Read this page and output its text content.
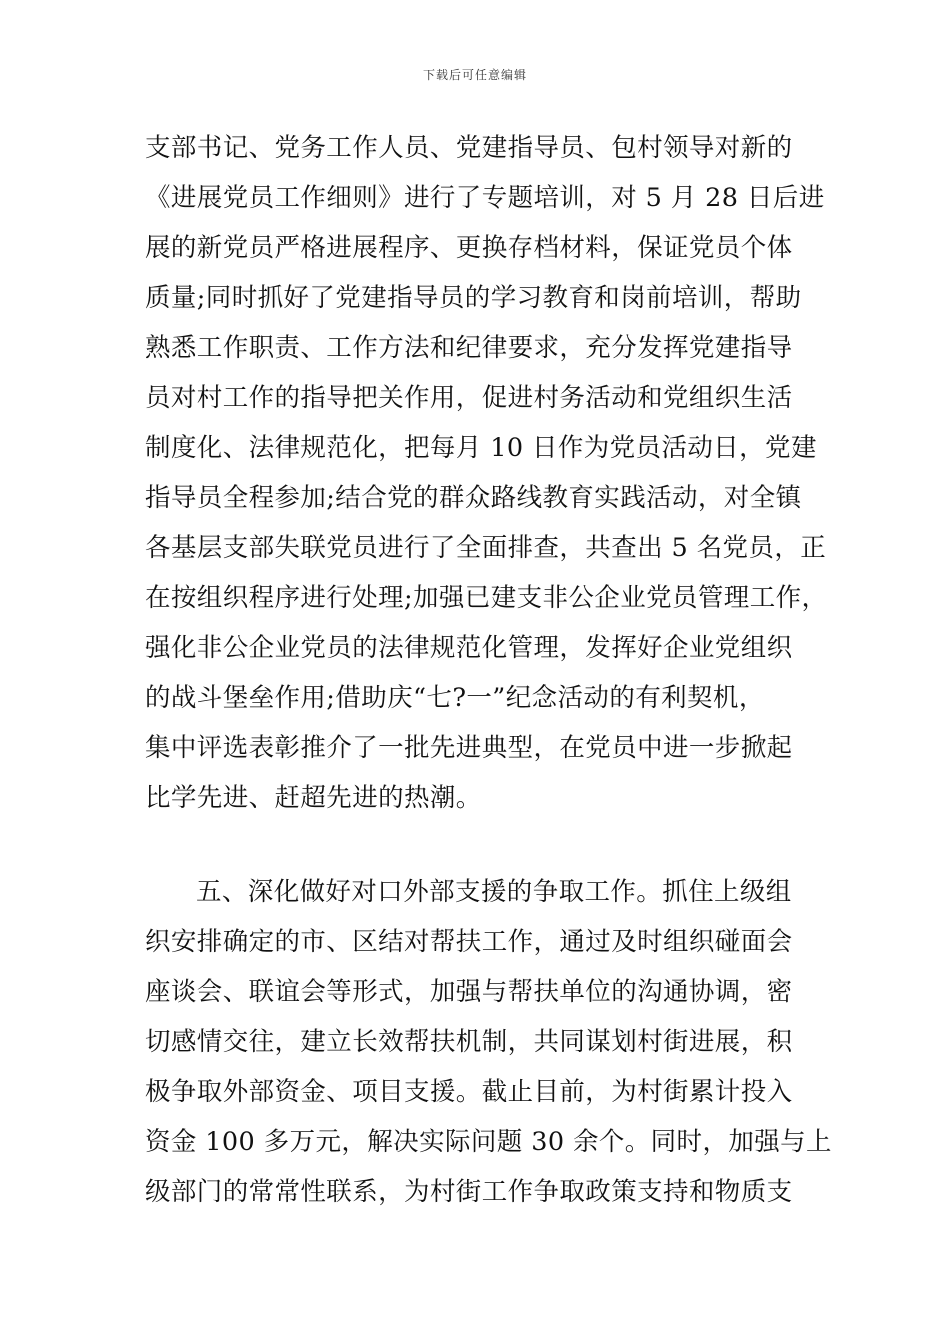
下载后可任意编辑
支部书记、党务工作人员、党建指导员、包村领导对新的
《进展党员工作细则》进行了专题培训，对 5 月 28 日后进
展的新党员严格进展程序、更换存档材料，保证党员个体
质量;同时抓好了党建指导员的学习教育和岗前培训，帮助
熟悉工作职责、工作方法和纪律要求，充分发挥党建指导
员对村工作的指导把关作用，促进村务活动和党组织生活
制度化、法律规范化，把每月 10 日作为党员活动日，党建
指导员全程参加;结合党的群众路线教育实践活动，对全镇
各基层支部失联党员进行了全面排查，共查出 5 名党员，正
在按组织程序进行处理;加强已建支非公企业党员管理工作，
强化非公企业党员的法律规范化管理，发挥好企业党组织
的战斗堡垒作用;借助庆“七?一”纪念活动的有利契机，
集中评选表彰推介了一批先进典型，在党员中进一步掀起
比学先进、赶超先进的热潮。
五、深化做好对口外部支援的争取工作。抓住上级组
织安排确定的市、区结对帮扶工作，通过及时组织碰面会
座谈会、联谊会等形式，加强与帮扶单位的沟通协调，密
切感情交往，建立长效帮扶机制，共同谋划村街进展，积
极争取外部资金、项目支援。截止目前，为村街累计投入
资金 100 多万元，解决实际问题 30 余个。同时，加强与上
级部门的常常性联系，为村街工作争取政策支持和物质支
